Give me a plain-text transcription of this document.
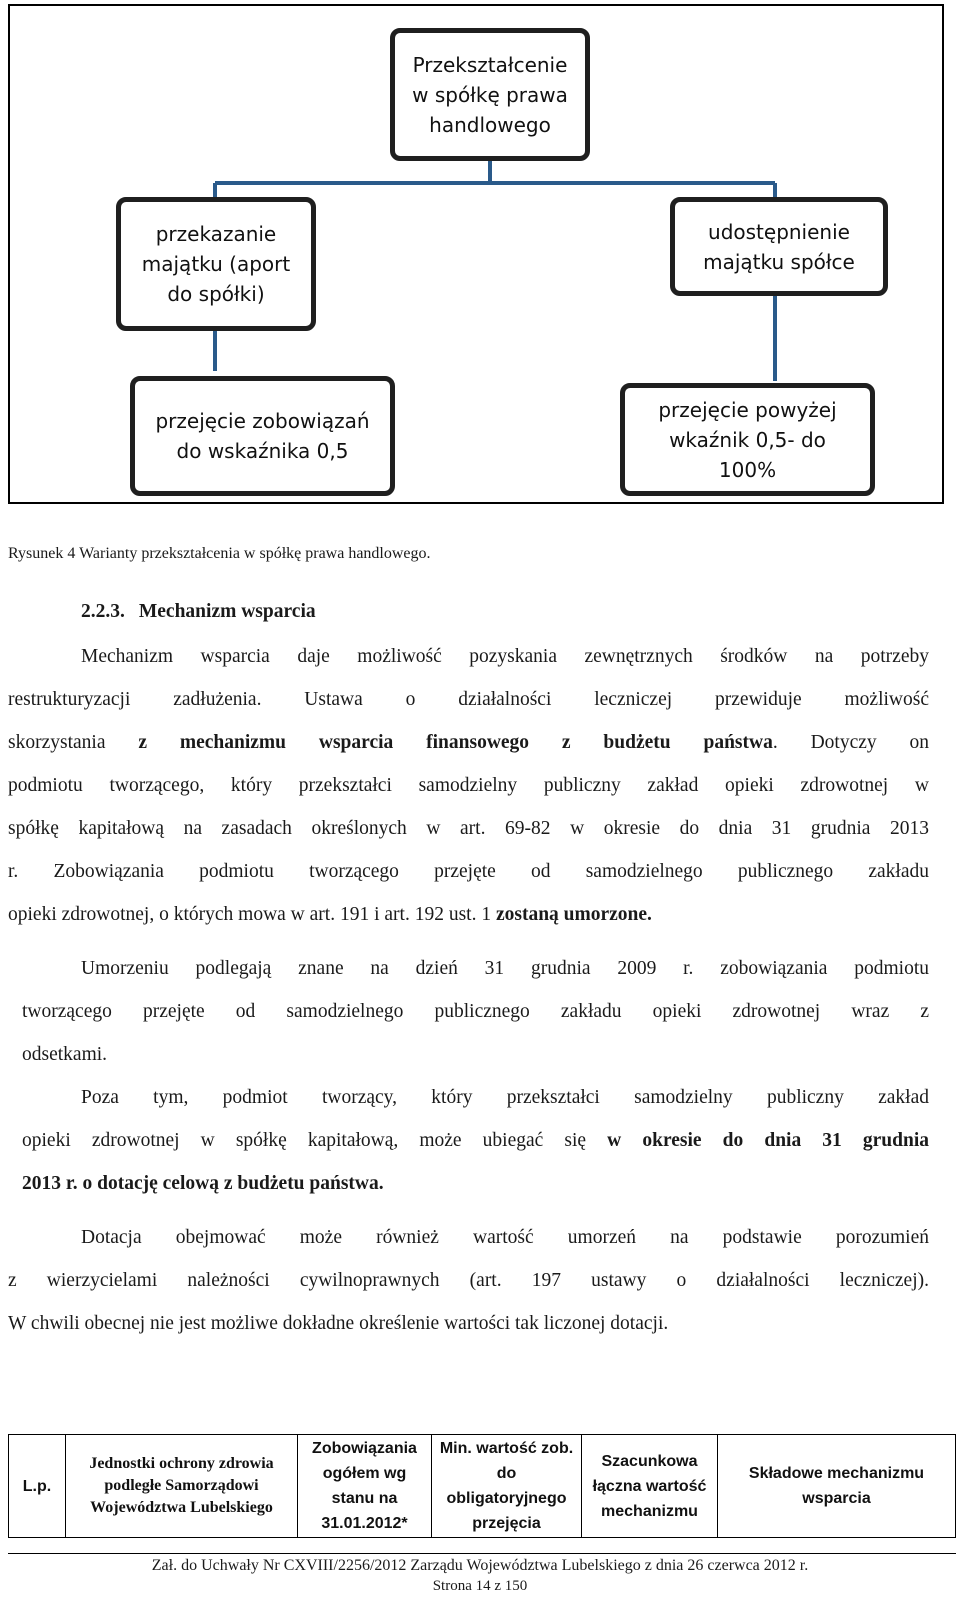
Przekształcenie
w spółkę prawa
handlowego
przekazanie
majątku (aport
do spółki)
udostępnienie
majątku spółce
przejęcie zobowiązań
do wskaźnika 0,5
przejęcie powyżej
wkaźnik 0,5- do
100%
Rysunek 4 Warianty przekształcenia w spółkę prawa handlowego.
2.2.3. Mechanizm wsparcia
Mechanizm wsparcia daje możliwość pozyskania zewnętrznych środków na potrzeby
restrukturyzacji zadłużenia. Ustawa o działalności leczniczej przewiduje możliwość
skorzystania z mechanizmu wsparcia finansowego z budżetu państwa. Dotyczy on
podmiotu tworzącego, który przekształci samodzielny publiczny zakład opieki zdrowotnej w
spółkę kapitałową na zasadach określonych w art. 69-82 w okresie do dnia 31 grudnia 2013
r. Zobowiązania podmiotu tworzącego przejęte od samodzielnego publicznego zakładu
opieki zdrowotnej, o których mowa w art. 191 i art. 192 ust. 1 zostaną umorzone.
Umorzeniu podlegają znane na dzień 31 grudnia 2009 r. zobowiązania podmiotu
tworzącego przejęte od samodzielnego publicznego zakładu opieki zdrowotnej wraz z
odsetkami.
Poza tym, podmiot tworzący, który przekształci samodzielny publiczny zakład
opieki zdrowotnej w spółkę kapitałową, może ubiegać się w okresie do dnia 31 grudnia
2013 r. o dotację celową z budżetu państwa.
Dotacja obejmować może również wartość umorzeń na podstawie porozumień
z wierzycielami należności cywilnoprawnych (art. 197 ustawy o działalności leczniczej).
W chwili obecnej nie jest możliwe dokładne określenie wartości tak liczonej dotacji.
L.p.	Jednostki ochrony zdrowia podległe Samorządowi Województwa Lubelskiego	Zobowiązania ogółem wg stanu na 31.01.2012*	Min. wartość zob. do obligatoryjnego przejęcia	Szacunkowa łączna wartość mechanizmu	Składowe mechanizmu wsparcia
Zał. do Uchwały Nr CXVIII/2256/2012 Zarządu Województwa Lubelskiego z dnia 26 czerwca 2012 r.
Strona 14 z 150
